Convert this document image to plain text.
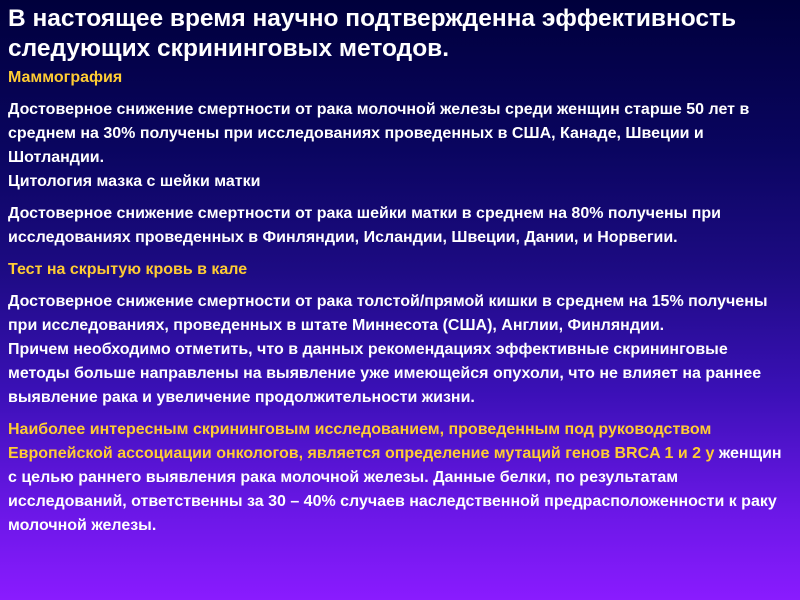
В настоящее время научно подтвержденна эффективность следующих скрининговых методов.

Маммография

Достоверное снижение смертности от рака молочной железы среди женщин старше 50 лет в среднем на 30% получены при исследованиях проведенных в США, Канаде, Швеции и Шотландии.

Цитология мазка с шейки матки

Достоверное снижение смертности от рака шейки матки в среднем на 80% получены при исследованиях проведенных в Финляндии, Исландии, Швеции, Дании, и Норвегии.

Тест на скрытую кровь в кале

Достоверное снижение смертности от рака толстой/прямой кишки в среднем на 15% получены при исследованиях, проведенных в штате Миннесота (США), Англии, Финляндии.

Причем необходимо отметить, что в данных рекомендациях эффективные скрининговые методы больше направлены на выявление уже имеющейся опухоли, что не влияет на раннее выявление рака и увеличение продолжительности жизни.

Наиболее интересным скрининговым исследованием, проведенным под руководством Европейской ассоциации онкологов, является определение мутаций генов BRCA 1 и 2 у женщин с целью раннего выявления рака молочной железы. Данные белки, по результатам исследований, ответственны за 30 – 40% случаев наследственной предрасположенности к раку молочной железы.
